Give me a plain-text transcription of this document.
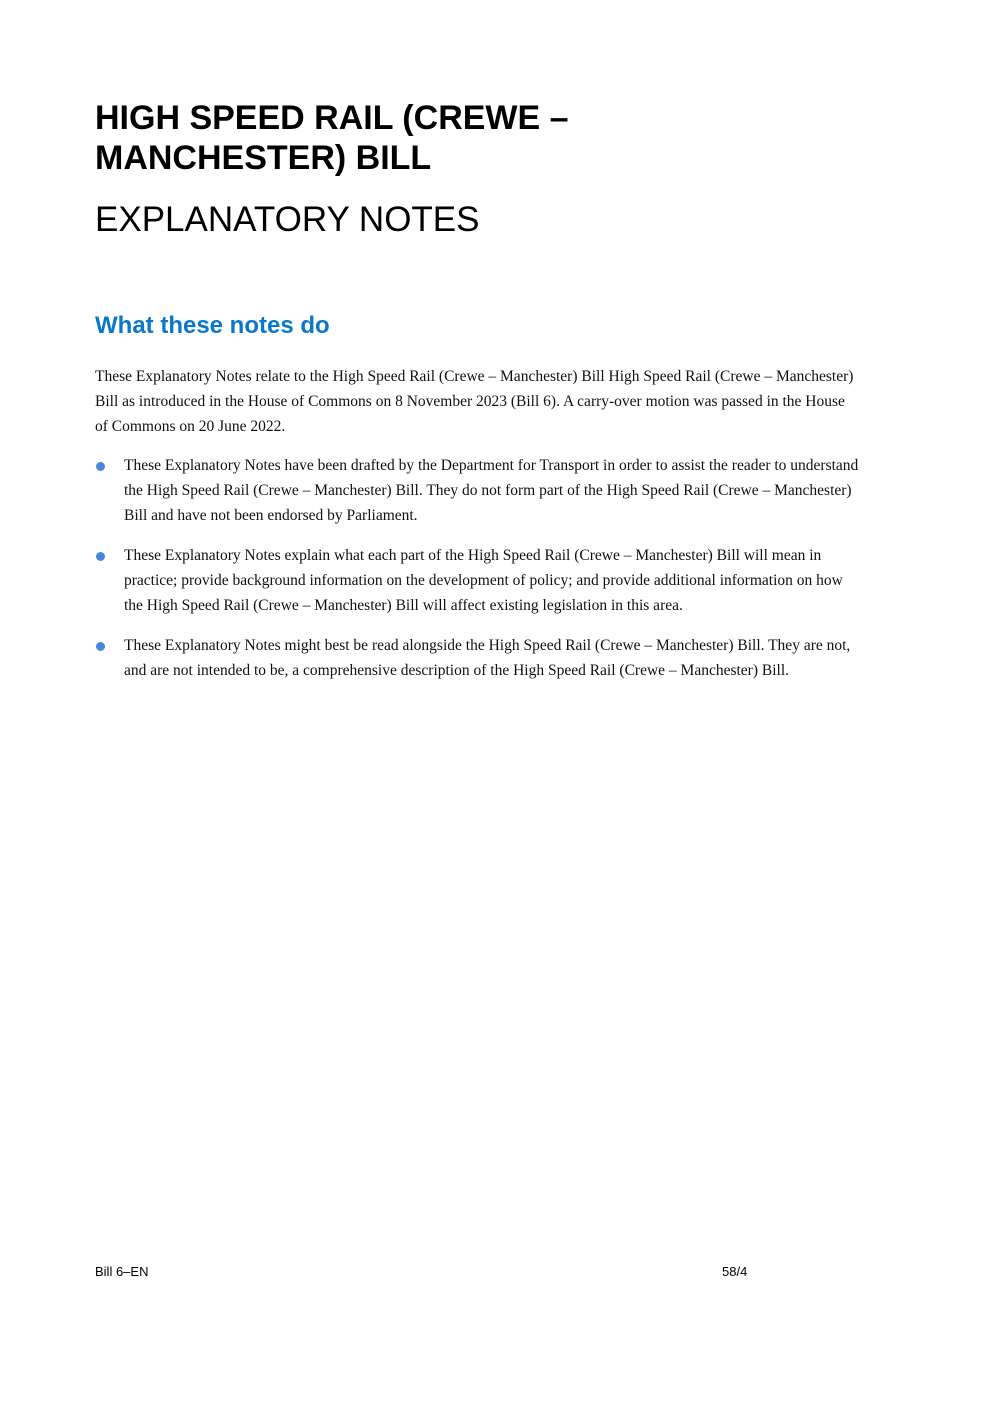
HIGH SPEED RAIL (CREWE – MANCHESTER) BILL
EXPLANATORY NOTES
What these notes do

These Explanatory Notes relate to the High Speed Rail (Crewe – Manchester) Bill High Speed Rail (Crewe – Manchester) Bill as introduced in the House of Commons on 8 November 2023 (Bill 6). A carry-over motion was passed in the House of Commons on 20 June 2022.

These Explanatory Notes have been drafted by the Department for Transport in order to assist the reader to understand the High Speed Rail (Crewe – Manchester) Bill. They do not form part of the High Speed Rail (Crewe – Manchester) Bill and have not been endorsed by Parliament.
These Explanatory Notes explain what each part of the High Speed Rail (Crewe – Manchester) Bill will mean in practice; provide background information on the development of policy; and provide additional information on how the High Speed Rail (Crewe – Manchester) Bill will affect existing legislation in this area.
These Explanatory Notes might best be read alongside the High Speed Rail (Crewe – Manchester) Bill. They are not, and are not intended to be, a comprehensive description of the High Speed Rail (Crewe – Manchester) Bill.
Bill 6–EN	58/4
